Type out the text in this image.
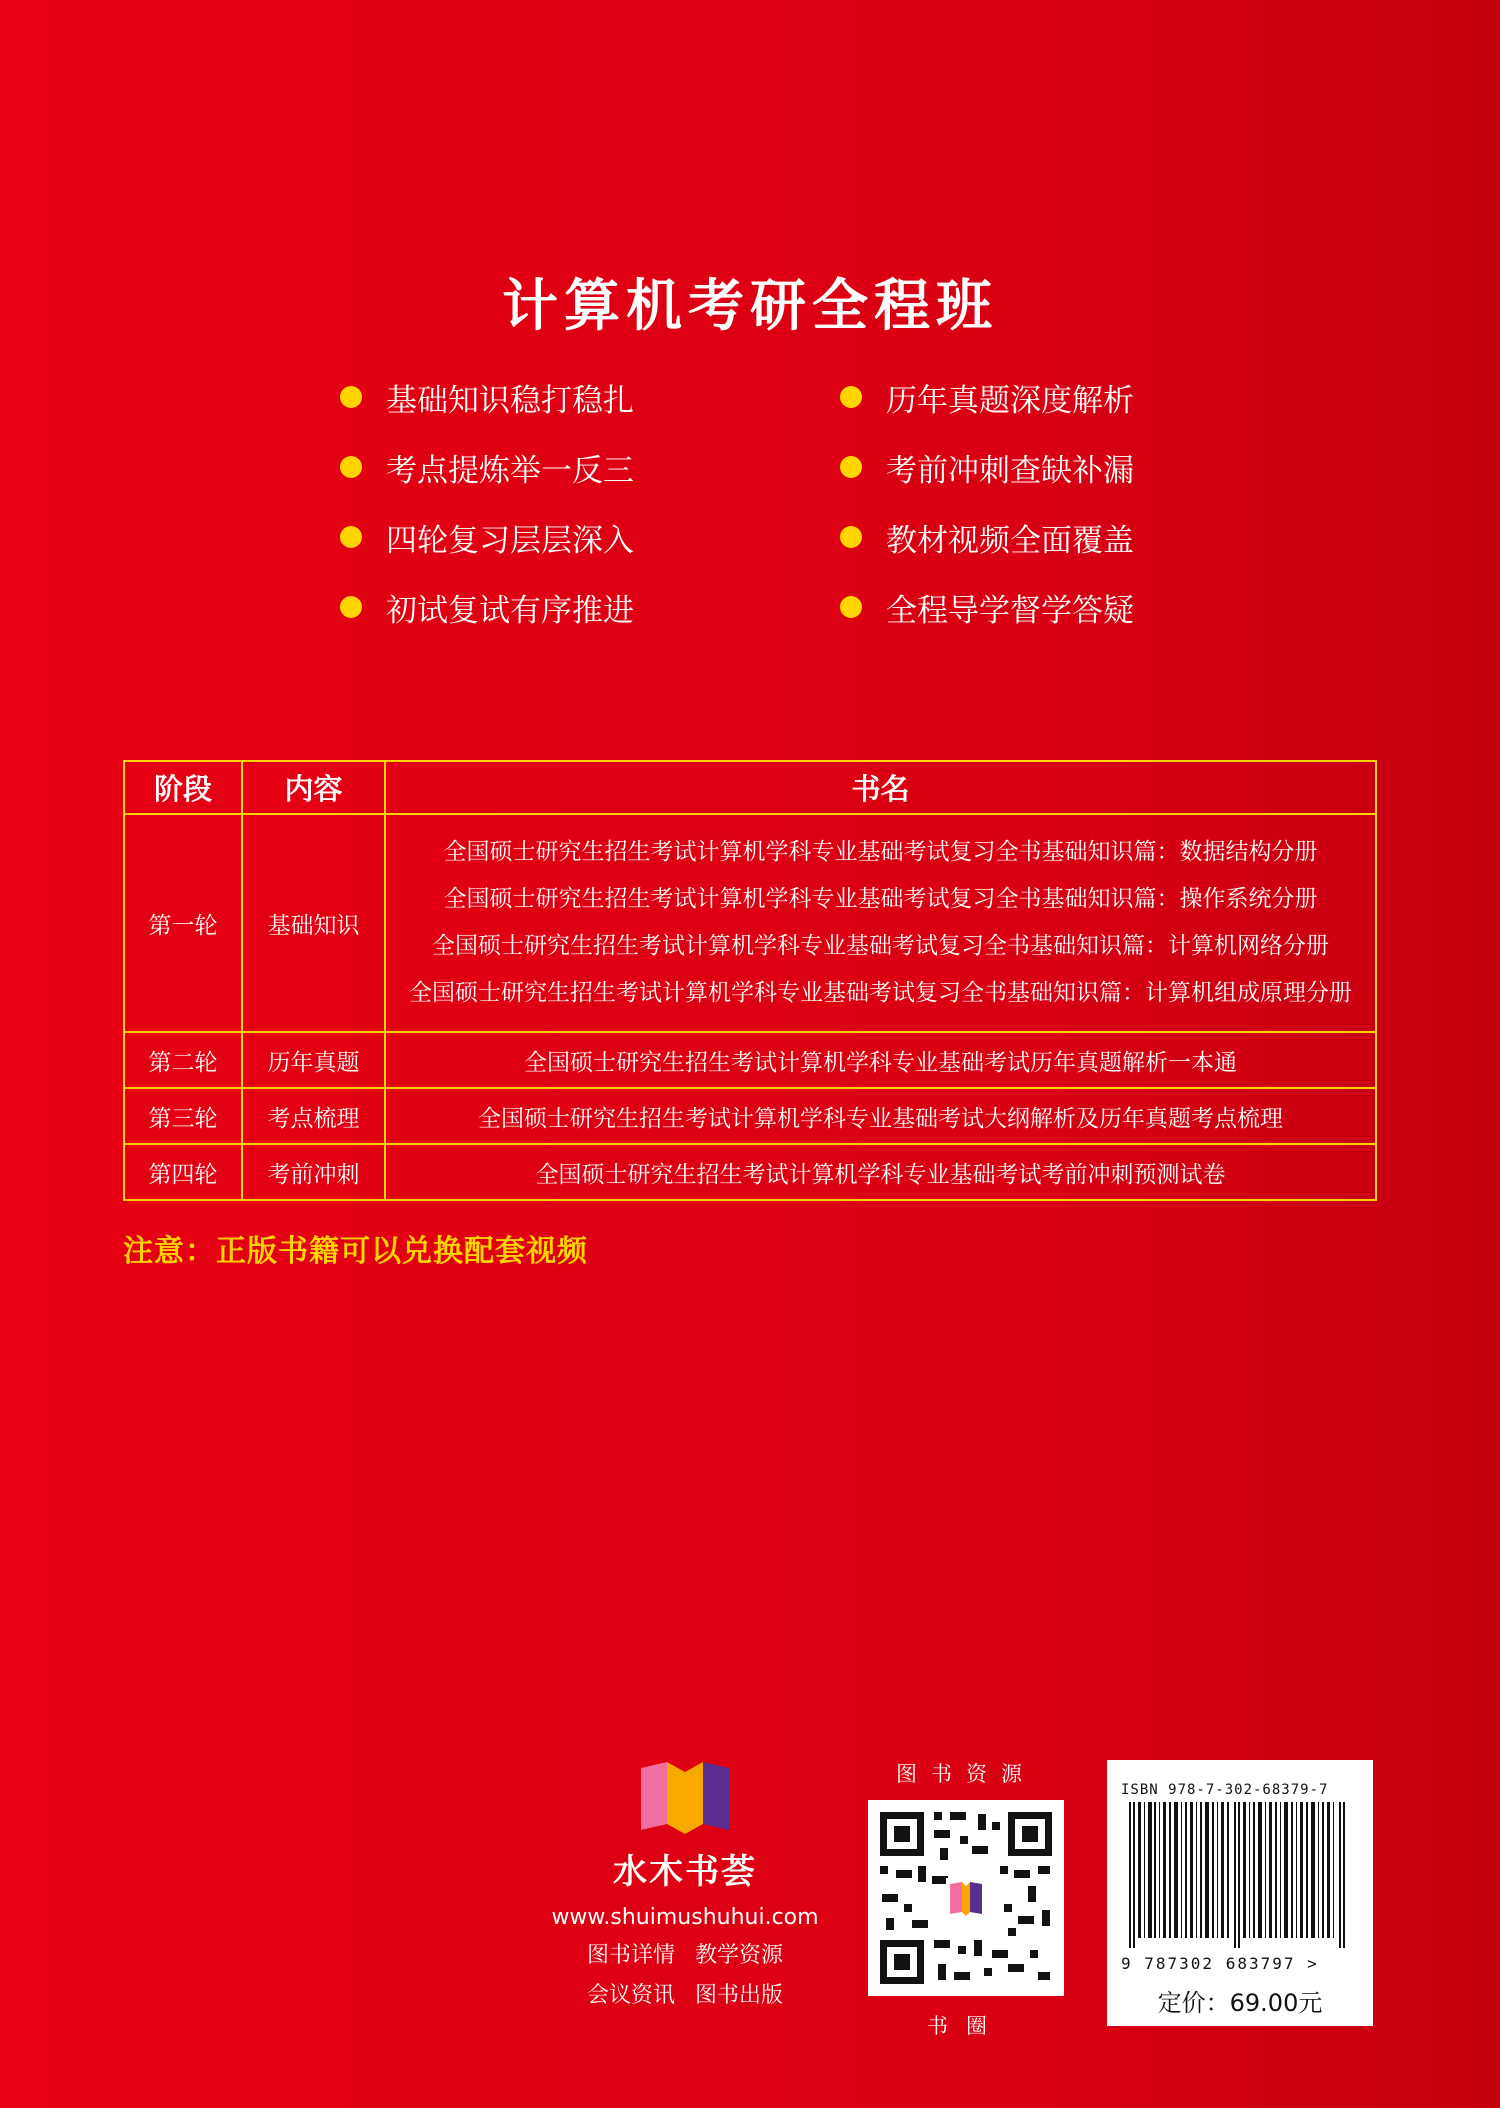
计算机考研全程班
基础知识稳打稳扎	历年真题深度解析
考点提炼举一反三	考前冲刺查缺补漏
四轮复习层层深入	教材视频全面覆盖
初试复试有序推进	全程导学督学答疑
阶段	内容	书名
第一轮	基础知识	全国硕士研究生招生考试计算机学科专业基础考试复习全书基础知识篇：数据结构分册
全国硕士研究生招生考试计算机学科专业基础考试复习全书基础知识篇：操作系统分册
全国硕士研究生招生考试计算机学科专业基础考试复习全书基础知识篇：计算机网络分册
全国硕士研究生招生考试计算机学科专业基础考试复习全书基础知识篇：计算机组成原理分册

第二轮	历年真题	全国硕士研究生招生考试计算机学科专业基础考试历年真题解析一本通
第三轮	考点梳理	全国硕士研究生招生考试计算机学科专业基础考试大纲解析及历年真题考点梳理
第四轮	考前冲刺	全国硕士研究生招生考试计算机学科专业基础考试考前冲刺预测试卷
注意：正版书籍可以兑换配套视频
水木书荟
www.shuimushuhui.com
图书详情 教学资源
会议资讯 图书出版
图书资源
书圈
ISBN 978-7-302-68379-7
9 787302 683797 >
定价：69.00元
